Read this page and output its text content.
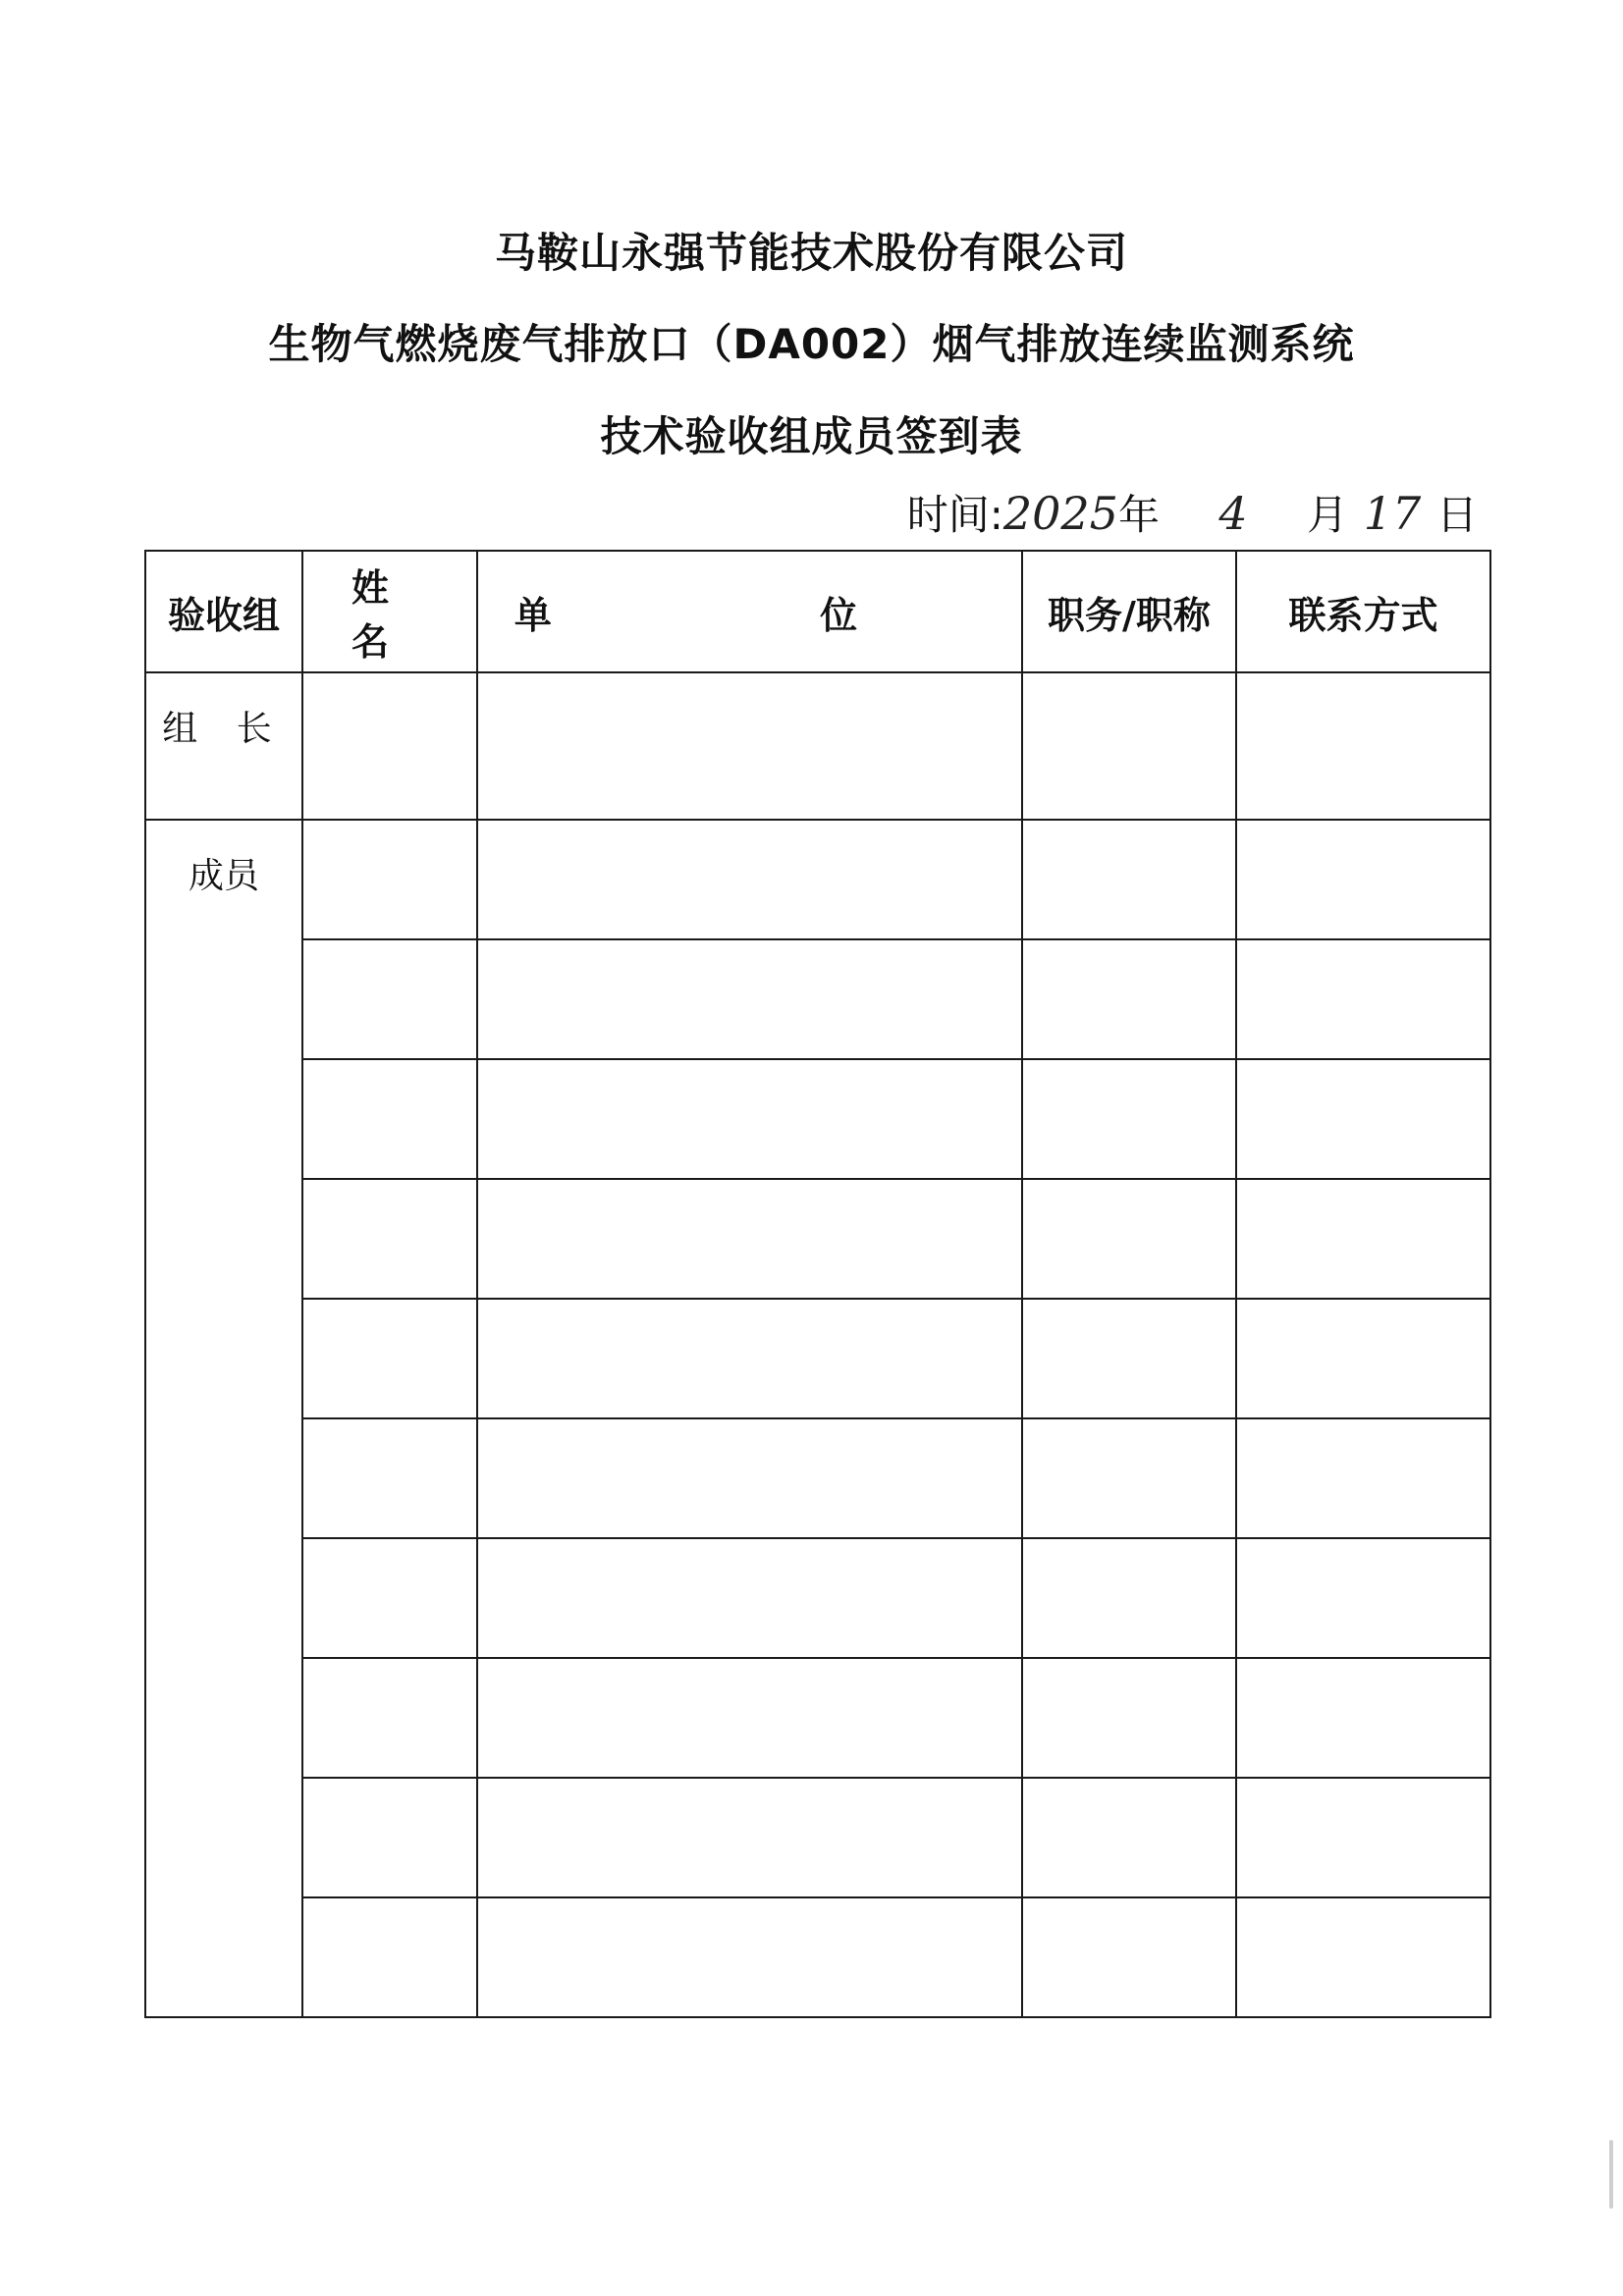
马鞍山永强节能技术股份有限公司
生物气燃烧废气排放口（DA002）烟气排放连续监测系统
技术验收组成员签到表
时间:2025年 4 月 17 日
验收组	姓 名	单 位	职务/职称	联系方式
组 长				
成员				
